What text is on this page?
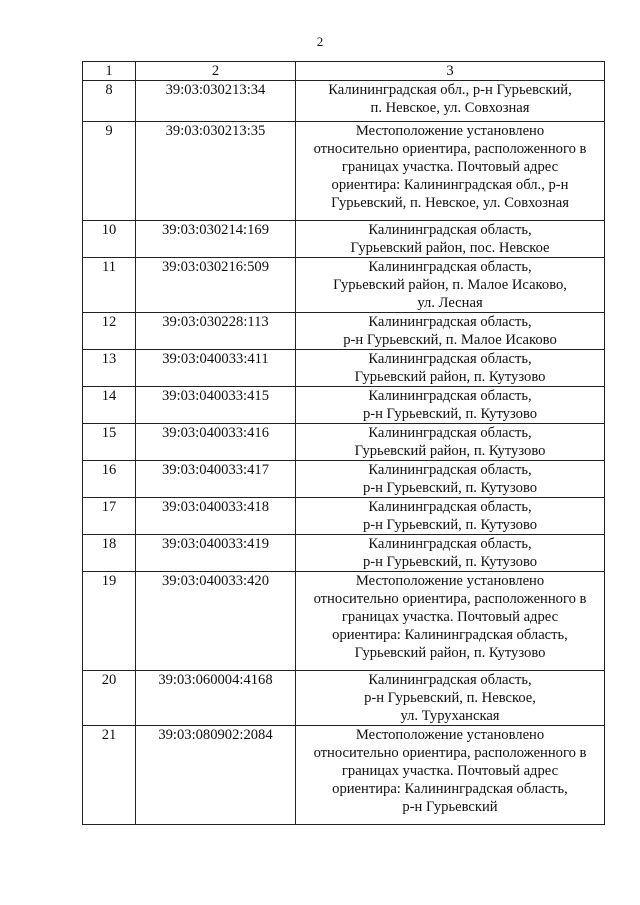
2
1	2	3
8	39:03:030213:34	Калининградская обл., р-н Гурьевский,
п. Невское, ул. Совхозная
9	39:03:030213:35	Местоположение установлено
относительно ориентира, расположенного в
границах участка. Почтовый адрес
ориентира: Калининградская обл., р-н
Гурьевский, п. Невское, ул. Совхозная
10	39:03:030214:169	Калининградская область,
Гурьевский район, пос. Невское
11	39:03:030216:509	Калининградская область,
Гурьевский район, п. Малое Исаково,
ул. Лесная
12	39:03:030228:113	Калининградская область,
р-н Гурьевский, п. Малое Исаково
13	39:03:040033:411	Калининградская область,
Гурьевский район, п. Кутузово
14	39:03:040033:415	Калининградская область,
р-н Гурьевский, п. Кутузово
15	39:03:040033:416	Калининградская область,
Гурьевский район, п. Кутузово
16	39:03:040033:417	Калининградская область,
р-н Гурьевский, п. Кутузово
17	39:03:040033:418	Калининградская область,
р-н Гурьевский, п. Кутузово
18	39:03:040033:419	Калининградская область,
р-н Гурьевский, п. Кутузово
19	39:03:040033:420	Местоположение установлено
относительно ориентира, расположенного в
границах участка. Почтовый адрес
ориентира: Калининградская область,
Гурьевский район, п. Кутузово
20	39:03:060004:4168	Калининградская область,
р-н Гурьевский, п. Невское,
ул. Туруханская
21	39:03:080902:2084	Местоположение установлено
относительно ориентира, расположенного в
границах участка. Почтовый адрес
ориентира: Калининградская область,
р-н Гурьевский
